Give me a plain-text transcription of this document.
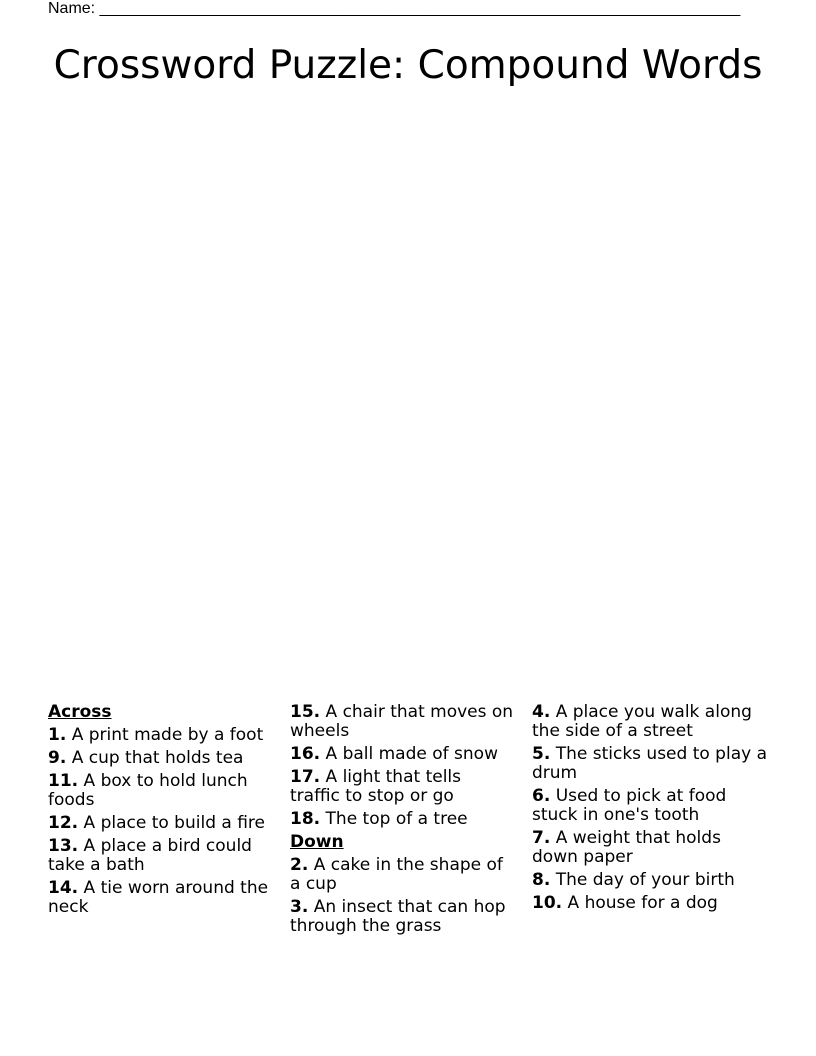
Name: ________________________________________________________________________
Crossword Puzzle: Compound Words
Across
1. A print made by a foot
9. A cup that holds tea
11. A box to hold lunch foods
12. A place to build a fire
13. A place a bird could take a bath
14. A tie worn around the neck
15. A chair that moves on wheels
16. A ball made of snow
17. A light that tells traffic to stop or go
18. The top of a tree
Down
2. A cake in the shape of a cup
3. An insect that can hop through the grass
4. A place you walk along the side of a street
5. The sticks used to play a drum
6. Used to pick at food stuck in one's tooth
7. A weight that holds down paper
8. The day of your birth
10. A house for a dog
